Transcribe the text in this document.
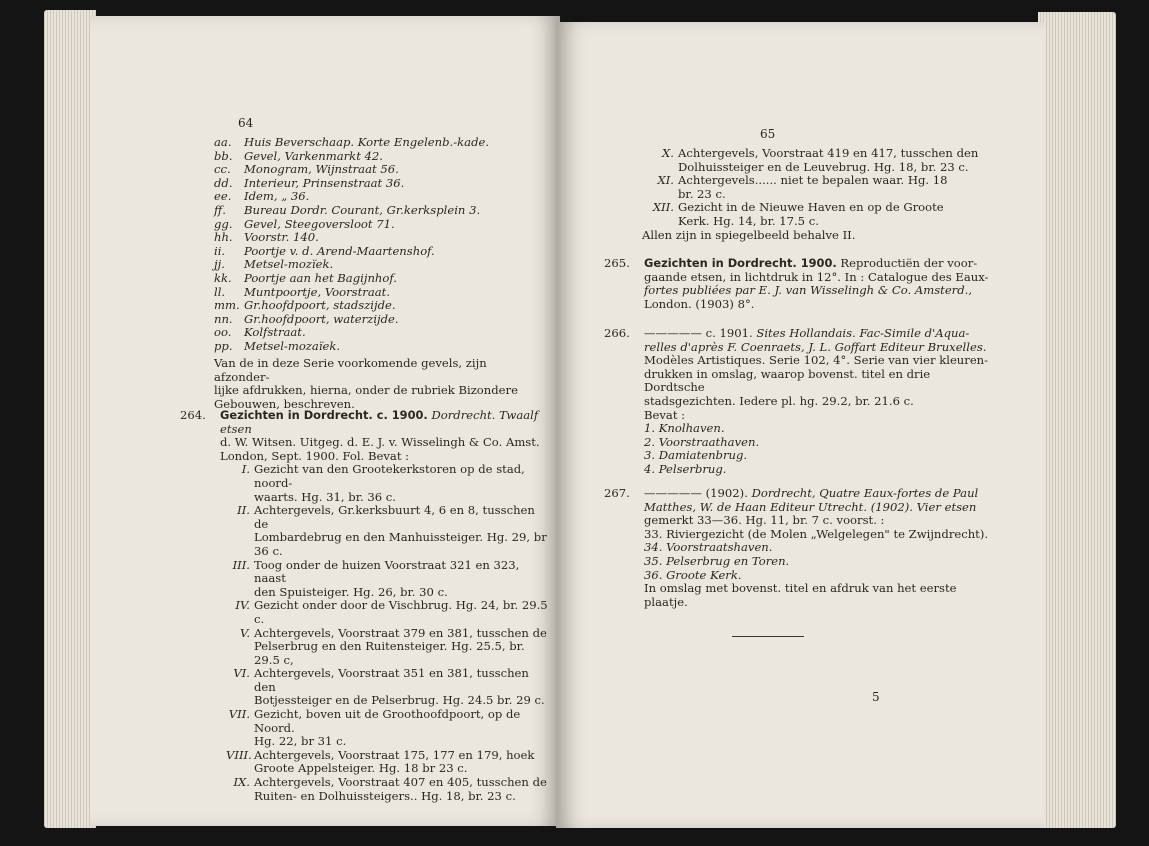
64
aa. Huis Beverschaap. Korte Engelenb.-kade.
bb. Gevel, Varkenmarkt 42.
cc. Monogram, Wijnstraat 56.
dd. Interieur, Prinsenstraat 36.
ee. Idem, „ 36.
ff. Bureau Dordr. Courant, Gr.kerksplein 3.
gg. Gevel, Steegoversloot 71.
hh. Voorstr. 140.
ii. Poortje v. d. Arend-Maartenshof.
jj. Metsel-mozïek.
kk. Poortje aan het Bagijnhof.
ll. Muntpoortje, Voorstraat.
mm. Gr.hoofdpoort, stadszijde.
nn. Gr.hoofdpoort, waterzijde.
oo. Kolfstraat.
pp. Metsel-mozaïek.
Van de in deze Serie voorkomende gevels, zijn afzonder-
lijke afdrukken, hierna, onder de rubriek Bizondere
Gebouwen, beschreven.
264. Gezichten in Dordrecht. c. 1900. Dordrecht. Twaalf etsen
d. W. Witsen. Uitgeg. d. E. J. v. Wisselingh & Co. Amst.
London, Sept. 1900. Fol. Bevat :
I. Gezicht van den Grootekerkstoren op de stad, noord-
waarts. Hg. 31, br. 36 c.
II. Achtergevels, Gr.kerksbuurt 4, 6 en 8, tusschen de
Lombardebrug en den Manhuissteiger. Hg. 29, br 36 c.
III. Toog onder de huizen Voorstraat 321 en 323, naast
den Spuisteiger. Hg. 26, br. 30 c.
IV. Gezicht onder door de Vischbrug. Hg. 24, br. 29.5 c.
V. Achtergevels, Voorstraat 379 en 381, tusschen de
Pelserbrug en den Ruitensteiger. Hg. 25.5, br. 29.5 c,
VI. Achtergevels, Voorstraat 351 en 381, tusschen den
Botjessteiger en de Pelserbrug. Hg. 24.5 br. 29 c.
VII. Gezicht, boven uit de Groothoofdpoort, op de Noord.
Hg. 22, br 31 c.
VIII. Achtergevels, Voorstraat 175, 177 en 179, hoek
Groote Appelsteiger. Hg. 18 br 23 c.
IX. Achtergevels, Voorstraat 407 en 405, tusschen de
Ruiten- en Dolhuissteigers.. Hg. 18, br. 23 c.
65
X. Achtergevels, Voorstraat 419 en 417, tusschen den
Dolhuissteiger en de Leuvebrug. Hg. 18, br. 23 c.
XI. Achtergevels...... niet te bepalen waar. Hg. 18
br. 23 c.
XII. Gezicht in de Nieuwe Haven en op de Groote
Kerk. Hg. 14, br. 17.5 c.
Allen zijn in spiegelbeeld behalve II.
265. Gezichten in Dordrecht. 1900. Reproductiën der voor-
gaande etsen, in lichtdruk in 12°. In : Catalogue des Eaux-
fortes publiées par E. J. van Wisselingh & Co. Amsterd.,
London. (1903) 8°.
266. ————— c. 1901. Sites Hollandais. Fac-Simile d'Aqua-
relles d'après F. Coenraets, J. L. Goffart Editeur Bruxelles.
Modèles Artistiques. Serie 102, 4°. Serie van vier kleuren-
drukken in omslag, waarop bovenst. titel en drie Dordtsche
stadsgezichten. Iedere pl. hg. 29.2, br. 21.6 c.
Bevat :
1. Knolhaven.
2. Voorstraathaven.
3. Damiatenbrug.
4. Pelserbrug.
267. ————— (1902). Dordrecht, Quatre Eaux-fortes de Paul
Matthes, W. de Haan Editeur Utrecht. (1902). Vier etsen
gemerkt 33—36. Hg. 11, br. 7 c. voorst. :
33. Riviergezicht (de Molen „Welgelegen" te Zwijndrecht).
34. Voorstraatshaven.
35. Pelserbrug en Toren.
36. Groote Kerk.
In omslag met bovenst. titel en afdruk van het eerste plaatje.
5
